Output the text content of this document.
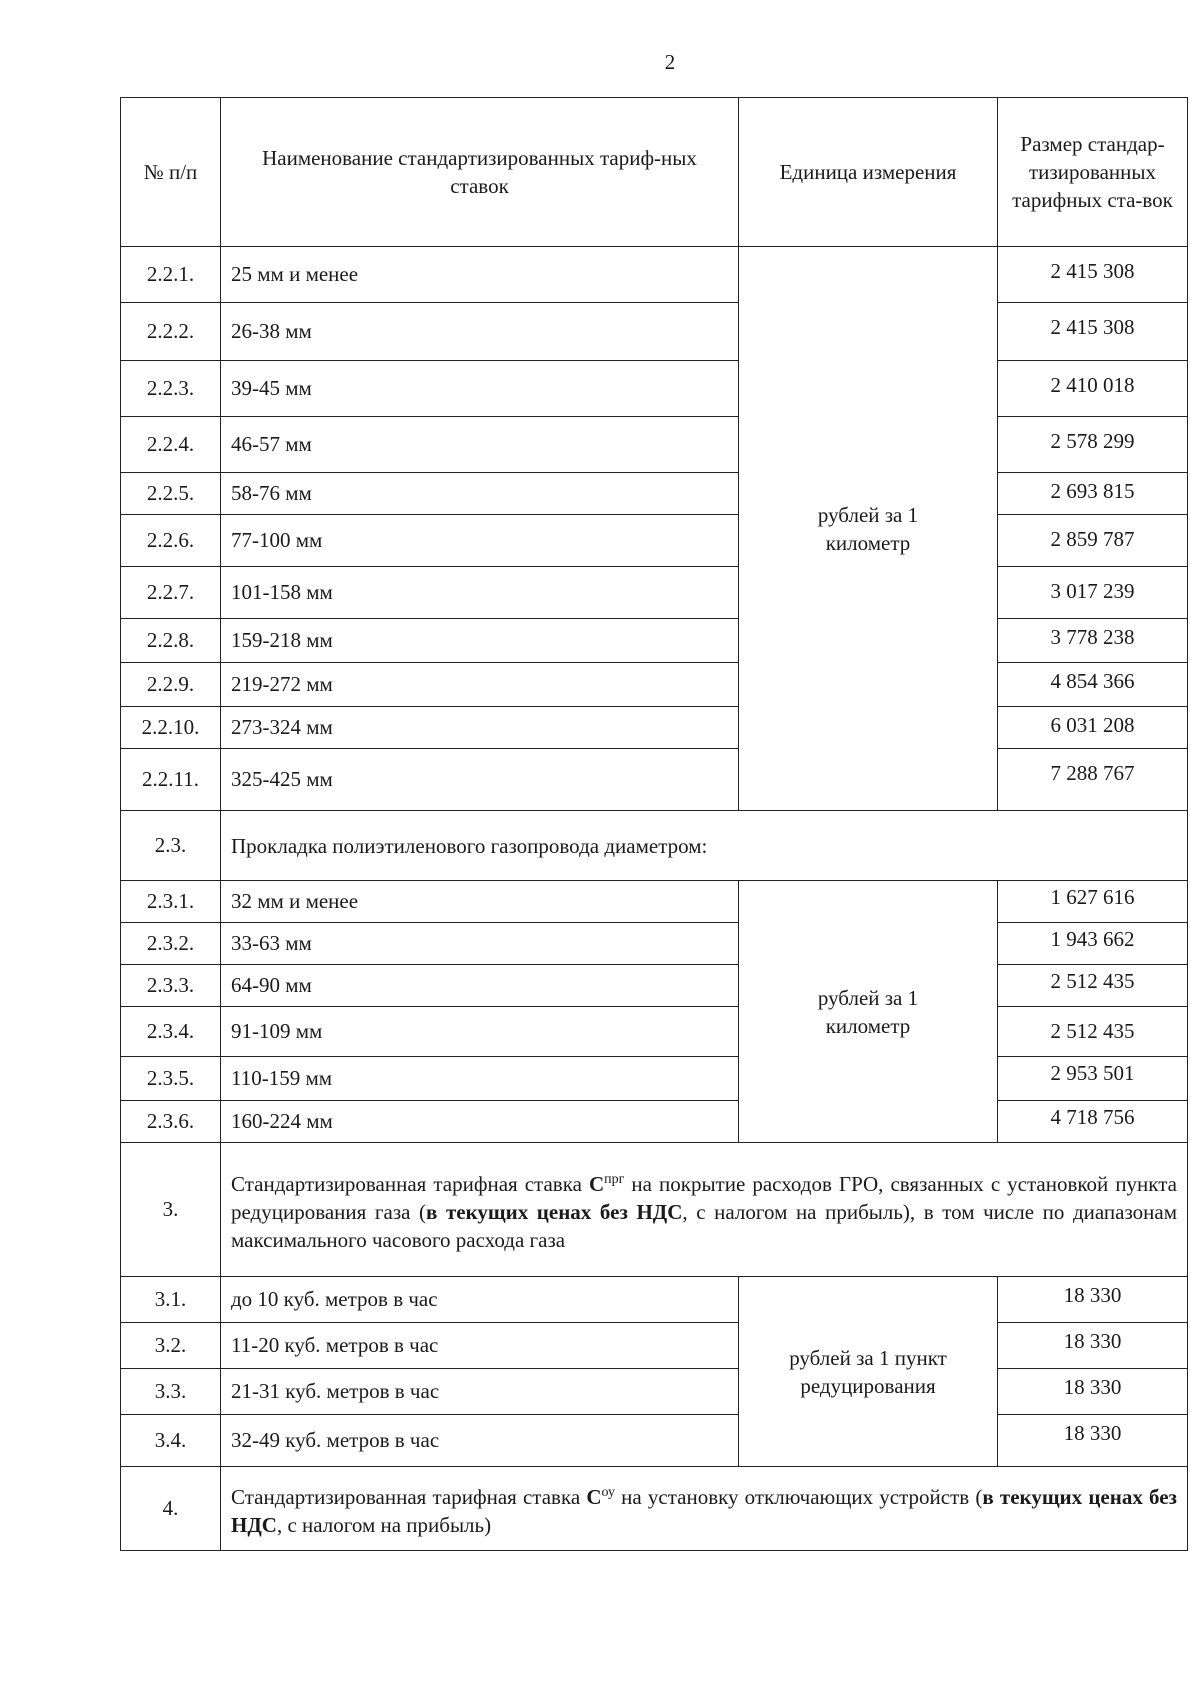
2
№ п/п	Наименование стандартизированных тариф-ных ставок	Единица измерения	Размер стандар-тизированных тарифных ста-вок
2.2.1.	25 мм и менее	рублей за 1 километр	2 415 308
2.2.2.	26-38 мм		2 415 308
2.2.3.	39-45 мм		2 410 018
2.2.4.	46-57 мм		2 578 299
2.2.5.	58-76 мм		2 693 815
2.2.6.	77-100 мм		2 859 787
2.2.7.	101-158 мм		3 017 239
2.2.8.	159-218 мм		3 778 238
2.2.9.	219-272 мм		4 854 366
2.2.10.	273-324 мм		6 031 208
2.2.11.	325-425 мм		7 288 767
2.3.	Прокладка полиэтиленового газопровода диаметром:		
2.3.1.	32 мм и менее	рублей за 1 километр	1 627 616
2.3.2.	33-63 мм		1 943 662
2.3.3.	64-90 мм		2 512 435
2.3.4.	91-109 мм		2 512 435
2.3.5.	110-159 мм		2 953 501
2.3.6.	160-224 мм		4 718 756
3.	Стандартизированная тарифная ставка $С^{прг}$ на покрытие расходов ГРО, связанных с установкой пункта редуцирования газа (в текущих ценах без НДС, с налогом на прибыль), в том числе по диапазонам максимального часового расхода газа		
3.1.	до 10 куб. метров в час	рублей за 1 пункт редуцирования	18 330
3.2.	11-20 куб. метров в час		18 330
3.3.	21-31 куб. метров в час		18 330
3.4.	32-49 куб. метров в час		18 330
4.	Стандартизированная тарифная ставка $С^{оу}$ на установку отключающих устройств (в текущих ценах без НДС, с налогом на прибыль)		
